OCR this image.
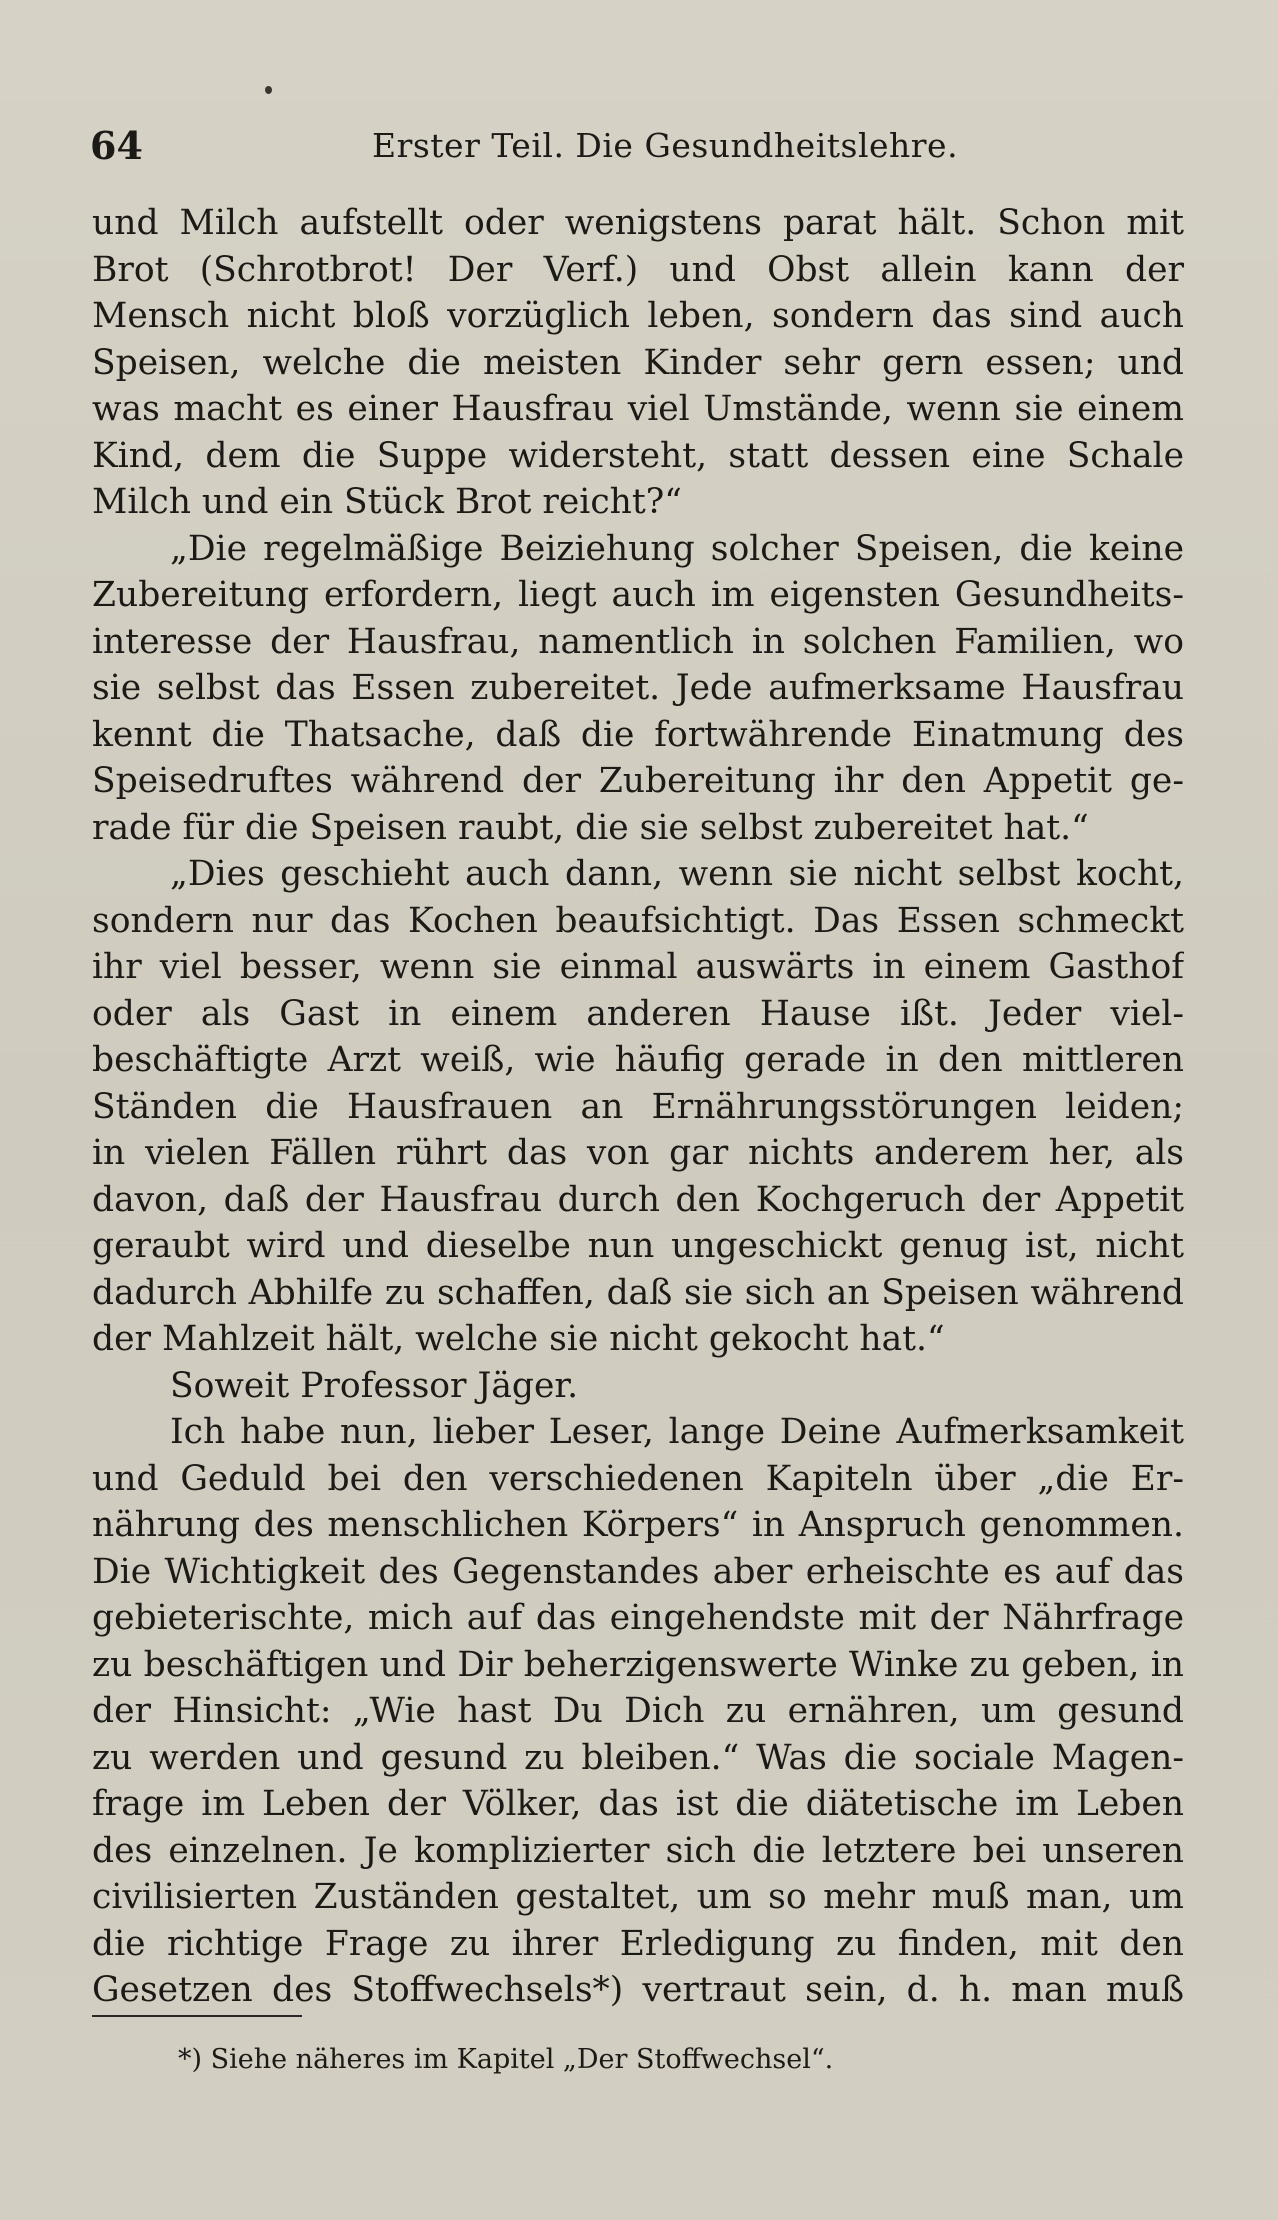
64	Erster Teil. Die Gesundheitslehre.
und Milch aufstellt oder wenigstens parat hält. Schon mit
Brot (Schrotbrot! Der Verf.) und Obst allein kann der
Mensch nicht bloß vorzüglich leben, sondern das sind auch
Speisen, welche die meisten Kinder sehr gern essen; und
was macht es einer Hausfrau viel Umstände, wenn sie einem
Kind, dem die Suppe widersteht, statt dessen eine Schale
Milch und ein Stück Brot reicht?“
„Die regelmäßige Beiziehung solcher Speisen, die keine
Zubereitung erfordern, liegt auch im eigensten Gesundheits-
interesse der Hausfrau, namentlich in solchen Familien, wo
sie selbst das Essen zubereitet. Jede aufmerksame Hausfrau
kennt die Thatsache, daß die fortwährende Einatmung des
Speisedruftes während der Zubereitung ihr den Appetit ge-
rade für die Speisen raubt, die sie selbst zubereitet hat.“
„Dies geschieht auch dann, wenn sie nicht selbst kocht,
sondern nur das Kochen beaufsichtigt. Das Essen schmeckt
ihr viel besser, wenn sie einmal auswärts in einem Gasthof
oder als Gast in einem anderen Hause ißt. Jeder viel-
beschäftigte Arzt weiß, wie häufig gerade in den mittleren
Ständen die Hausfrauen an Ernährungsstörungen leiden;
in vielen Fällen rührt das von gar nichts anderem her, als
davon, daß der Hausfrau durch den Kochgeruch der Appetit
geraubt wird und dieselbe nun ungeschickt genug ist, nicht
dadurch Abhilfe zu schaffen, daß sie sich an Speisen während
der Mahlzeit hält, welche sie nicht gekocht hat.“
Soweit Professor Jäger.
Ich habe nun, lieber Leser, lange Deine Aufmerksamkeit
und Geduld bei den verschiedenen Kapiteln über „die Er-
nährung des menschlichen Körpers“ in Anspruch genommen.
Die Wichtigkeit des Gegenstandes aber erheischte es auf das
gebieterischte, mich auf das eingehendste mit der Nährfrage
zu beschäftigen und Dir beherzigenswerte Winke zu geben, in
der Hinsicht: „Wie hast Du Dich zu ernähren, um gesund
zu werden und gesund zu bleiben.“ Was die sociale Magen-
frage im Leben der Völker, das ist die diätetische im Leben
des einzelnen. Je komplizierter sich die letztere bei unseren
civilisierten Zuständen gestaltet, um so mehr muß man, um
die richtige Frage zu ihrer Erledigung zu finden, mit den
Gesetzen des Stoffwechsels*) vertraut sein, d. h. man muß
*) Siehe näheres im Kapitel „Der Stoffwechsel“.
